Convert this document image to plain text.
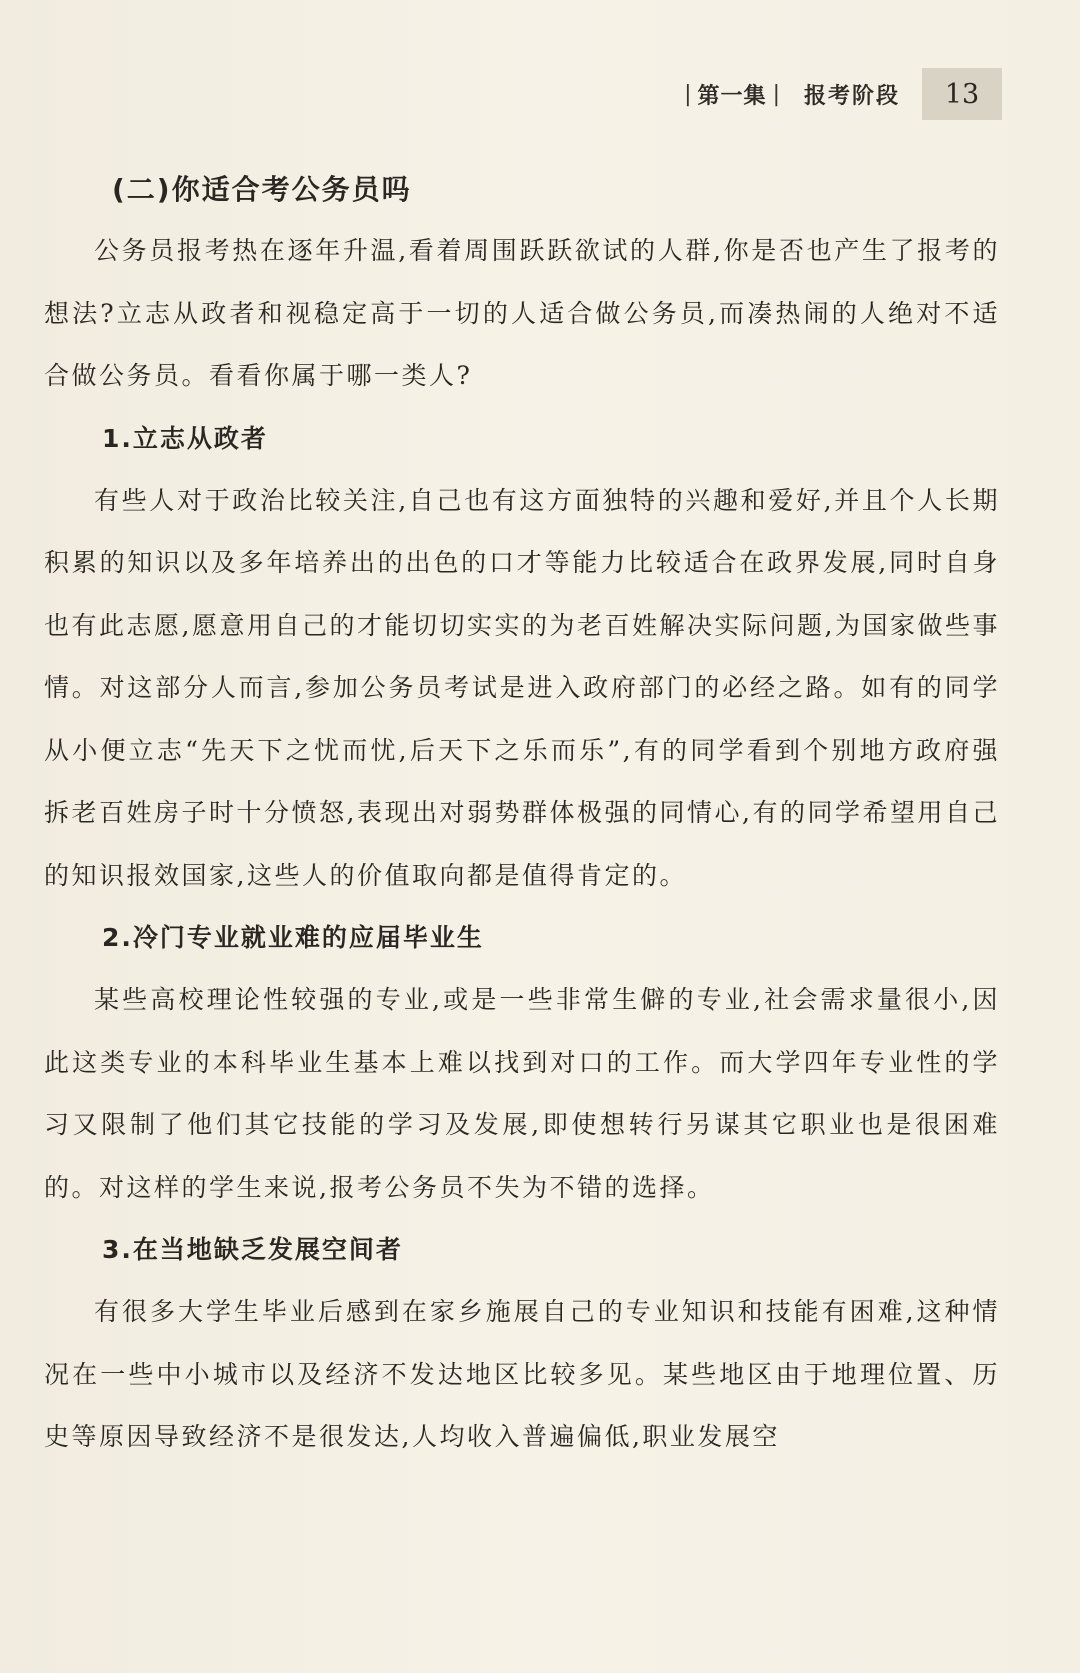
| 第一集 | 报考阶段 13
(二)你适合考公务员吗

公务员报考热在逐年升温,看着周围跃跃欲试的人群,你是否也产生了报考的想法?立志从政者和视稳定高于一切的人适合做公务员,而凑热闹的人绝对不适合做公务员。看看你属于哪一类人?

1.立志从政者

有些人对于政治比较关注,自己也有这方面独特的兴趣和爱好,并且个人长期积累的知识以及多年培养出的出色的口才等能力比较适合在政界发展,同时自身也有此志愿,愿意用自己的才能切切实实的为老百姓解决实际问题,为国家做些事情。对这部分人而言,参加公务员考试是进入政府部门的必经之路。如有的同学从小便立志“先天下之忧而忧,后天下之乐而乐”,有的同学看到个别地方政府强拆老百姓房子时十分愤怒,表现出对弱势群体极强的同情心,有的同学希望用自己的知识报效国家,这些人的价值取向都是值得肯定的。

2.冷门专业就业难的应届毕业生

某些高校理论性较强的专业,或是一些非常生僻的专业,社会需求量很小,因此这类专业的本科毕业生基本上难以找到对口的工作。而大学四年专业性的学习又限制了他们其它技能的学习及发展,即使想转行另谋其它职业也是很困难的。对这样的学生来说,报考公务员不失为不错的选择。

3.在当地缺乏发展空间者

有很多大学生毕业后感到在家乡施展自己的专业知识和技能有困难,这种情况在一些中小城市以及经济不发达地区比较多见。某些地区由于地理位置、历史等原因导致经济不是很发达,人均收入普遍偏低,职业发展空
